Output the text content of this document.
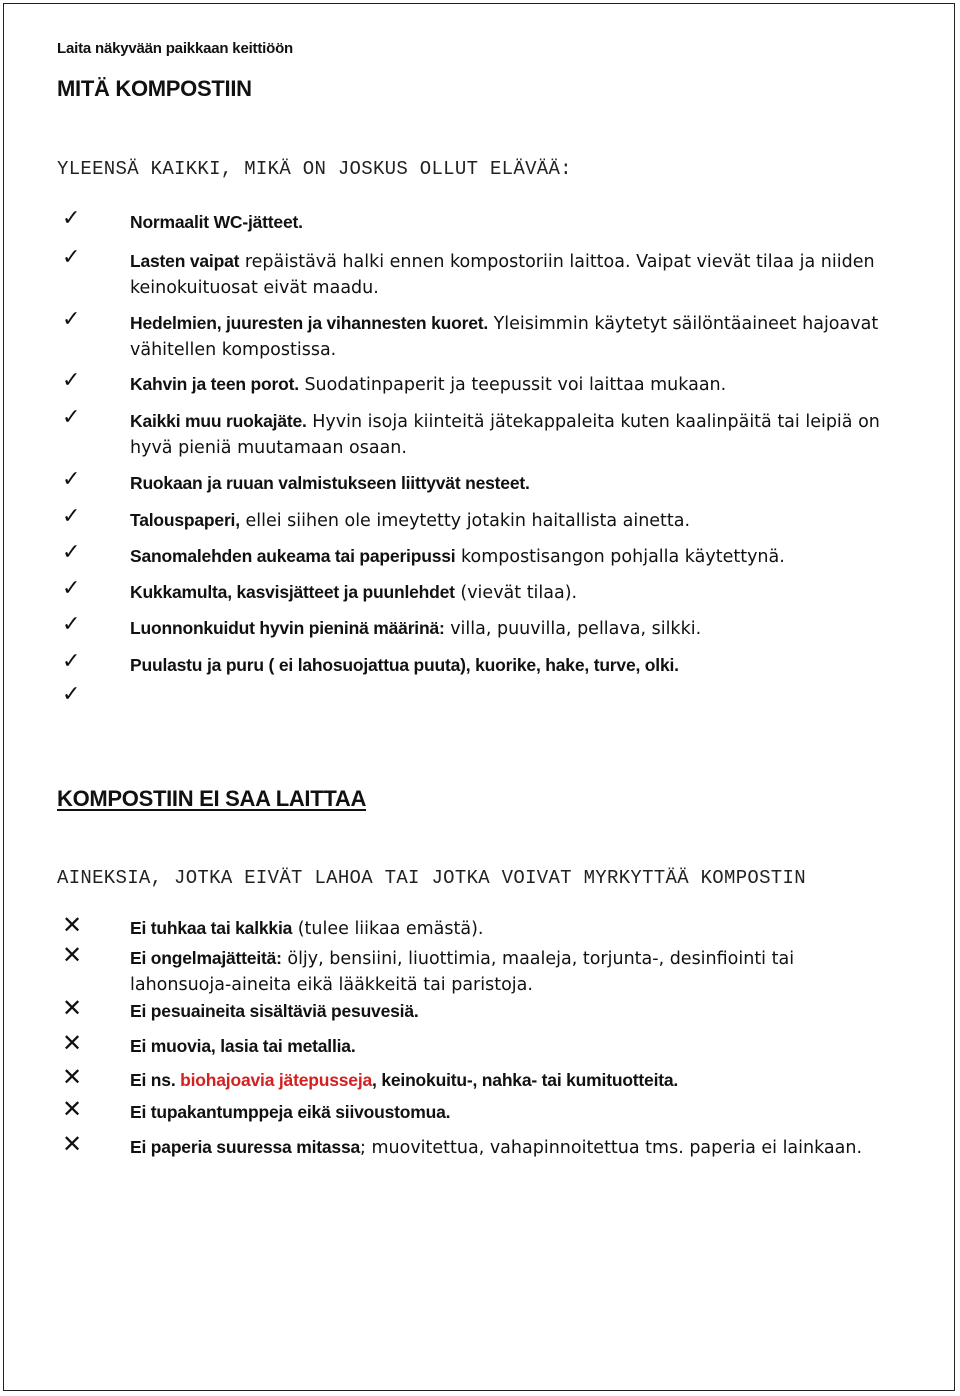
Laita näkyvään paikkaan keittiöön
MITÄ KOMPOSTIIN
YLEENSÄ KAIKKI, MIKÄ ON JOSKUS OLLUT ELÄVÄÄ:
✓	Normaalit WC-jätteet.
✓	Lasten vaipat repäistävä halki ennen kompostoriin laittoa. Vaipat vievät tilaa ja niiden keinokuituosat eivät maadu.
✓	Hedelmien, juuresten ja vihannesten kuoret. Yleisimmin käytetyt säilöntäaineet hajoavat vähitellen kompostissa.
✓	Kahvin ja teen porot. Suodatinpaperit ja teepussit voi laittaa mukaan.
✓	Kaikki muu ruokajäte. Hyvin isoja kiinteitä jätekappaleita kuten kaalinpäitä tai leipiä on hyvä pieniä muutamaan osaan.
✓	Ruokaan ja ruuan valmistukseen liittyvät nesteet.
✓	Talouspaperi, ellei siihen ole imeytetty jotakin haitallista ainetta.
✓	Sanomalehden aukeama tai paperipussi kompostisangon pohjalla käytettynä.
✓	Kukkamulta, kasvisjätteet ja puunlehdet (vievät tilaa).
✓	Luonnonkuidut hyvin pieninä määrinä: villa, puuvilla, pellava, silkki.
✓	Puulastu ja puru ( ei lahosuojattua puuta), kuorike, hake, turve, olki.
✓
KOMPOSTIIN EI SAA LAITTAA
AINEKSIA, JOTKA EIVÄT LAHOA TAI JOTKA VOIVAT MYRKYTTÄÄ KOMPOSTIN
✕	Ei tuhkaa tai kalkkia (tulee liikaa emästä).
✕	Ei ongelmajätteitä: öljy, bensiini, liuottimia, maaleja, torjunta-, desinfiointi tai lahonsuoja-aineita eikä lääkkeitä tai paristoja.
✕	Ei pesuaineita sisältäviä pesuvesiä.
✕	Ei muovia, lasia tai metallia.
✕	Ei ns. biohajoavia jätepusseja, keinokuitu-, nahka- tai kumituotteita.
✕	Ei tupakantumppeja eikä siivoustomua.
✕	Ei paperia suuressa mitassa; muovitettua, vahapinnoitettua tms. paperia ei lainkaan.
